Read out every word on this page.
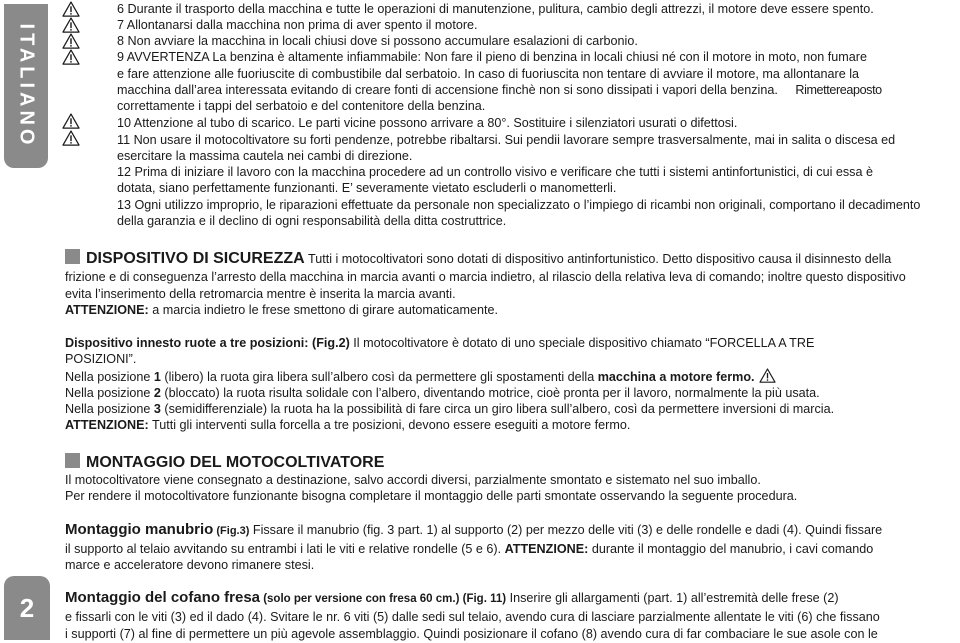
ITALIANO
2
6 Durante il trasporto della macchina e tutte le operazioni di manutenzione, pulitura, cambio degli attrezzi, il motore deve essere spento.
7 Allontanarsi dalla macchina non prima di aver spento il motore.
8 Non avviare la macchina in locali chiusi dove si possono accumulare esalazioni di carbonio.
9 AVVERTENZA La benzina è altamente infiammabile: Non fare il pieno di benzina in locali chiusi né con il motore in moto, non fumare
e fare attenzione alle fuoriuscite di combustibile dal serbatoio. In caso di fuoriuscita non tentare di avviare il motore, ma allontanare la
macchina dall’area interessata evitando di creare fonti di accensione finchè non si sono dissipati i vapori della benzina. Rimettereaposto
correttamente i tappi del serbatoio e del contenitore della benzina.
10 Attenzione al tubo di scarico. Le parti vicine possono arrivare a 80°. Sostituire i silenziatori usurati o difettosi.
11 Non usare il motocoltivatore su forti pendenze, potrebbe ribaltarsi. Sui pendii lavorare sempre trasversalmente, mai in salita o discesa ed
esercitare la massima cautela nei cambi di direzione.
12 Prima di iniziare il lavoro con la macchina procedere ad un controllo visivo e verificare che tutti i sistemi antinfortunistici, di cui essa è
dotata, siano perfettamente funzionanti. E’ severamente vietato escluderli o manometterli.
13 Ogni utilizzo improprio, le riparazioni effettuate da personale non specializzato o l’impiego di ricambi non originali, comportano il decadimento
della garanzia e il declino di ogni responsabilità della ditta costruttrice.
DISPOSITIVO DI SICUREZZA Tutti i motocoltivatori sono dotati di dispositivo antinfortunistico. Detto dispositivo causa il disinnesto della
frizione e di conseguenza l’arresto della macchina in marcia avanti o marcia indietro, al rilascio della relativa leva di comando; inoltre questo dispositivo
evita l’inserimento della retromarcia mentre è inserita la marcia avanti.
ATTENZIONE: a marcia indietro le frese smettono di girare automaticamente.
Dispositivo innesto ruote a tre posizioni: (Fig.2) Il motocoltivatore è dotato di uno speciale dispositivo chiamato “FORCELLA A TRE
POSIZIONI”.
Nella posizione 1 (libero) la ruota gira libera sull’albero così da permettere gli spostamenti della macchina a motore fermo.
Nella posizione 2 (bloccato) la ruota risulta solidale con l’albero, diventando motrice, cioè pronta per il lavoro, normalmente la più usata.
Nella posizione 3 (semidifferenziale) la ruota ha la possibilità di fare circa un giro libera sull’albero, così da permettere inversioni di marcia.
ATTENZIONE: Tutti gli interventi sulla forcella a tre posizioni, devono essere eseguiti a motore fermo.
MONTAGGIO DEL MOTOCOLTIVATORE
Il motocoltivatore viene consegnato a destinazione, salvo accordi diversi, parzialmente smontato e sistemato nel suo imballo.
Per rendere il motocoltivatore funzionante bisogna completare il montaggio delle parti smontate osservando la seguente procedura.
Montaggio manubrio (Fig.3) Fissare il manubrio (fig. 3 part. 1) al supporto (2) per mezzo delle viti (3) e delle rondelle e dadi (4). Quindi fissare
il supporto al telaio avvitando su entrambi i lati le viti e relative rondelle (5 e 6). ATTENZIONE: durante il montaggio del manubrio, i cavi comando
marce e acceleratore devono rimanere stesi.
Montaggio del cofano fresa (solo per versione con fresa 60 cm.) (Fig. 11) Inserire gli allargamenti (part. 1) all’estremità delle frese (2)
e fissarli con le viti (3) ed il dado (4). Svitare le nr. 6 viti (5) dalle sedi sul telaio, avendo cura di lasciare parzialmente allentate le viti (6) che fissano
i supporti (7) al fine di permettere un più agevole assemblaggio. Quindi posizionare il cofano (8) avendo cura di far combaciare le sue asole con le
